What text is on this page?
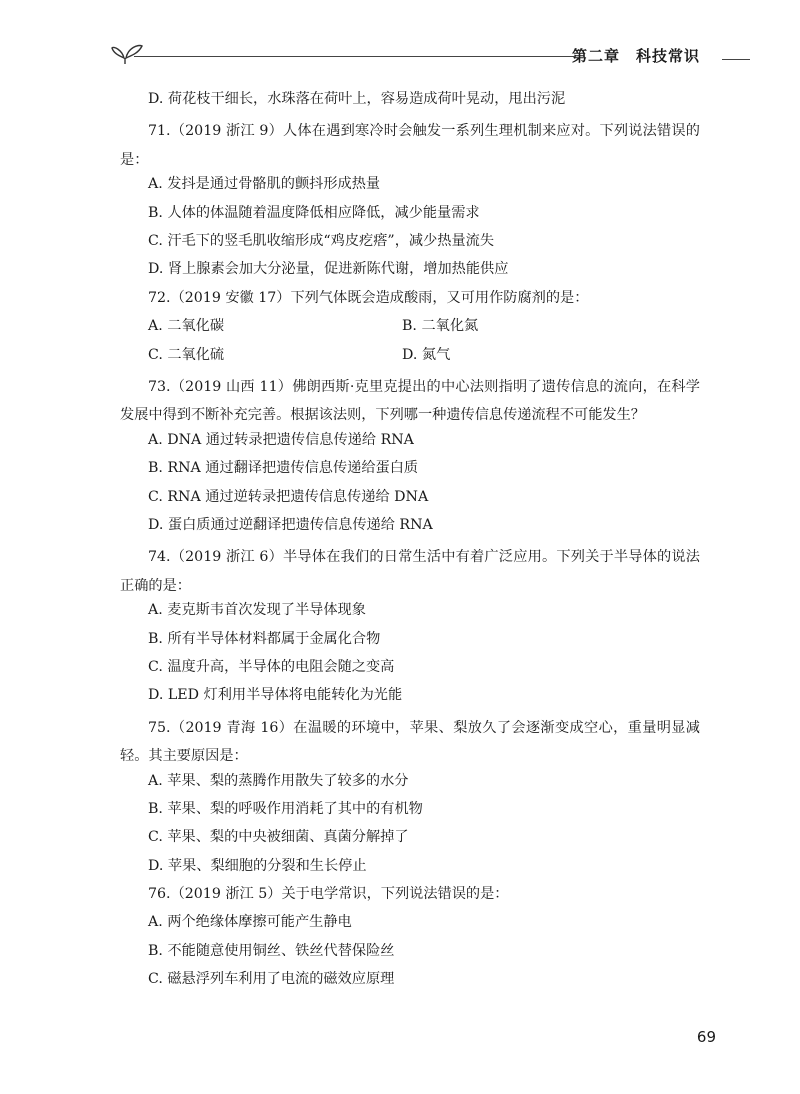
第二章　科技常识
D. 荷花枝干细长，水珠落在荷叶上，容易造成荷叶晃动，甩出污泥

71.（2019 浙江 9）人体在遇到寒冷时会触发一系列生理机制来应对。下列说法错误的是：

A. 发抖是通过骨骼肌的颤抖形成热量
B. 人体的体温随着温度降低相应降低，减少能量需求
C. 汗毛下的竖毛肌收缩形成“鸡皮疙瘩”，减少热量流失
D. 肾上腺素会加大分泌量，促进新陈代谢，增加热能供应
72.（2019 安徽 17）下列气体既会造成酸雨，又可用作防腐剂的是：
A. 二氧化碳	B. 二氧化氮
C. 二氧化硫	D. 氮气

73.（2019 山西 11）佛朗西斯·克里克提出的中心法则指明了遗传信息的流向，在科学发展中得到不断补充完善。根据该法则，下列哪一种遗传信息传递流程不可能发生？

A. DNA 通过转录把遗传信息传递给 RNA
B. RNA 通过翻译把遗传信息传递给蛋白质
C. RNA 通过逆转录把遗传信息传递给 DNA
D. 蛋白质通过逆翻译把遗传信息传递给 RNA

74.（2019 浙江 6）半导体在我们的日常生活中有着广泛应用。下列关于半导体的说法正确的是：

A. 麦克斯韦首次发现了半导体现象
B. 所有半导体材料都属于金属化合物
C. 温度升高，半导体的电阻会随之变高
D. LED 灯利用半导体将电能转化为光能

75.（2019 青海 16）在温暖的环境中，苹果、梨放久了会逐渐变成空心，重量明显减轻。其主要原因是：

A. 苹果、梨的蒸腾作用散失了较多的水分
B. 苹果、梨的呼吸作用消耗了其中的有机物
C. 苹果、梨的中央被细菌、真菌分解掉了
D. 苹果、梨细胞的分裂和生长停止
76.（2019 浙江 5）关于电学常识，下列说法错误的是：
A. 两个绝缘体摩擦可能产生静电
B. 不能随意使用铜丝、铁丝代替保险丝
C. 磁悬浮列车利用了电流的磁效应原理
69
